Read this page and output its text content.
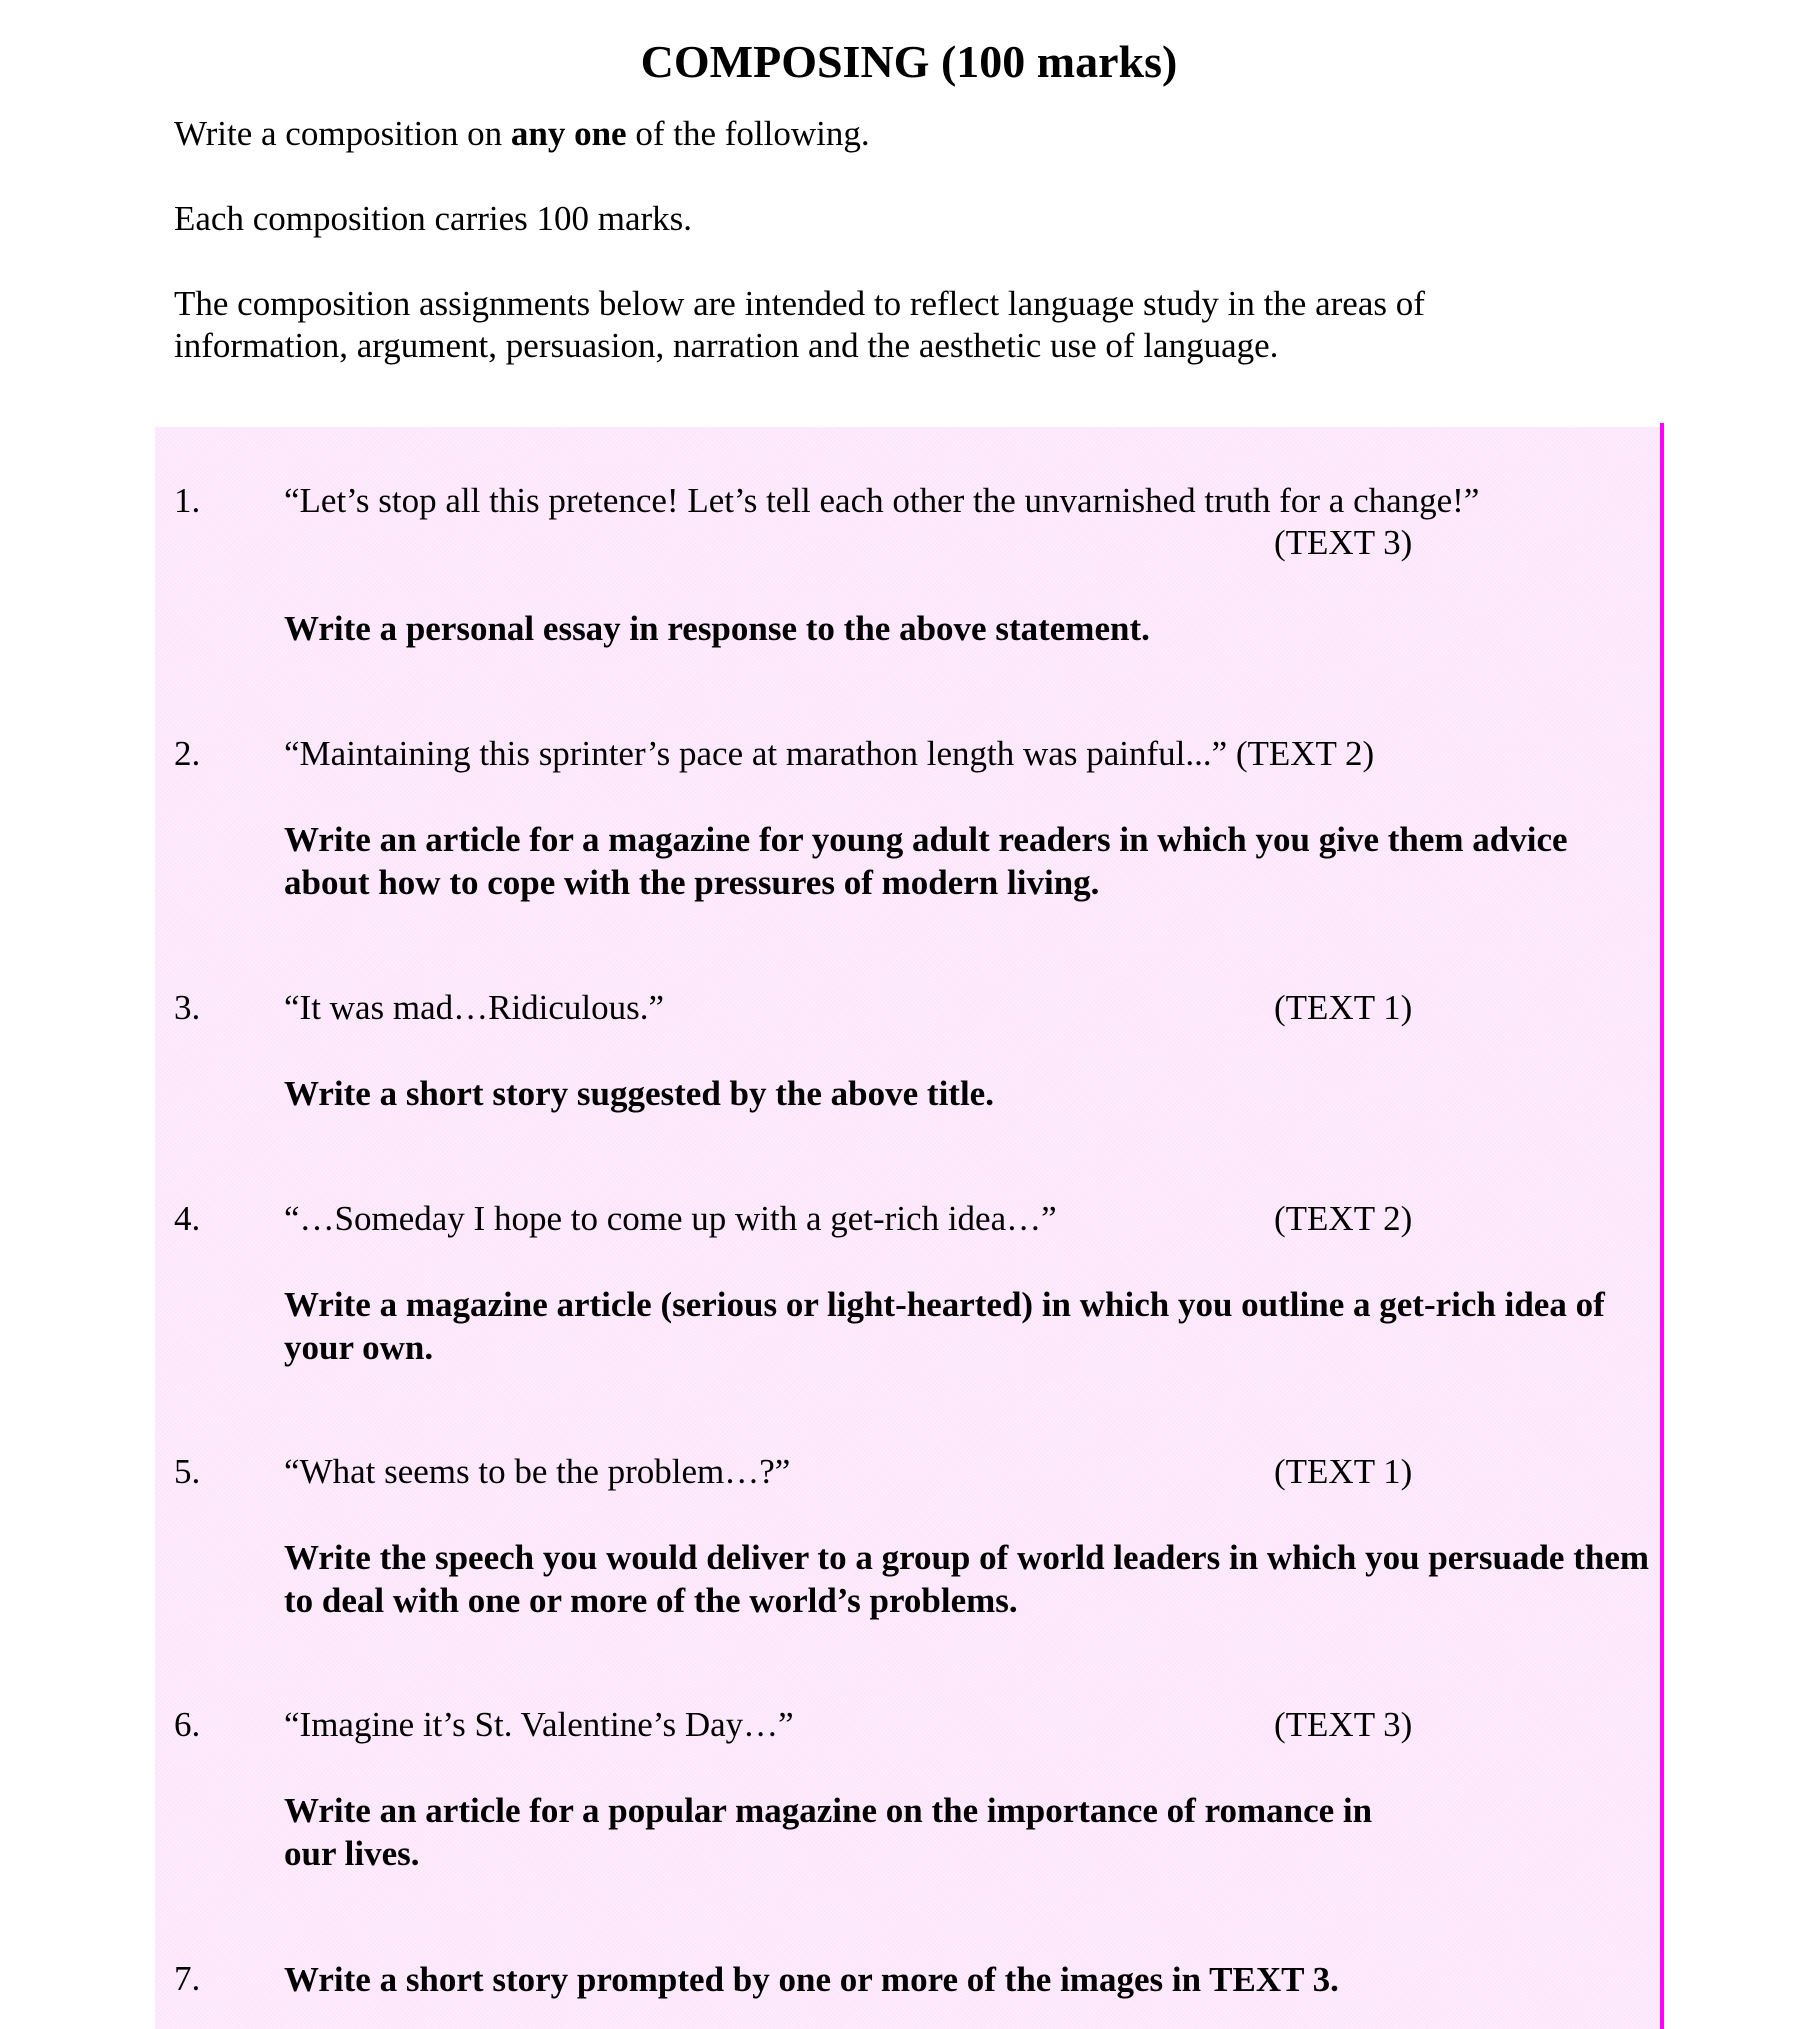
COMPOSING (100 marks)
Write a composition on any one of the following.
Each composition carries 100 marks.
The composition assignments below are intended to reflect language study in the areas of information, argument, persuasion, narration and the aesthetic use of language.
1. “Let’s stop all this pretence! Let’s tell each other the unvarnished truth for a change!”
(TEXT 3)
Write a personal essay in response to the above statement.
2. “Maintaining this sprinter’s pace at marathon length was painful...” (TEXT 2)
Write an article for a magazine for young adult readers in which you give them advice about how to cope with the pressures of modern living.
3. “It was mad…Ridiculous.”	(TEXT 1)
Write a short story suggested by the above title.
4. “…Someday I hope to come up with a get-rich idea…”	(TEXT 2)
Write a magazine article (serious or light-hearted) in which you outline a get-rich idea of your own.
5. “What seems to be the problem…?”	(TEXT 1)
Write the speech you would deliver to a group of world leaders in which you persuade them to deal with one or more of the world’s problems.
6. “Imagine it’s St. Valentine’s Day…”	(TEXT 3)
Write an article for a popular magazine on the importance of romance in
our lives.
7. Write a short story prompted by one or more of the images in TEXT 3.
